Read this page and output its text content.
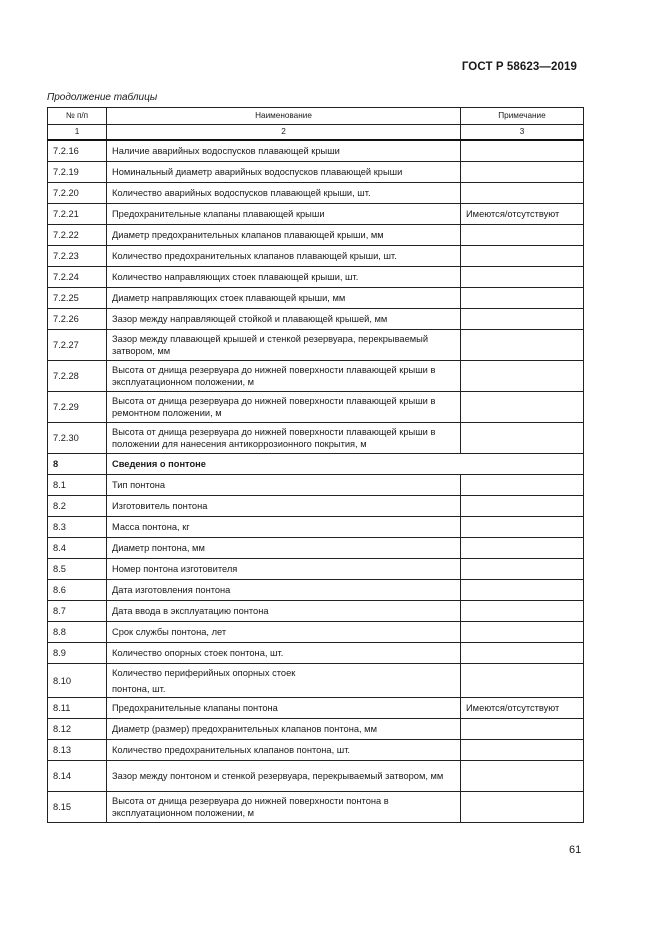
ГОСТ Р 58623—2019
Продолжение таблицы
№ п/п	Наименование	Примечание
1	2	3
7.2.16	Наличие аварийных водоспусков плавающей крыши	
7.2.19	Номинальный диаметр аварийных водоспусков плавающей крыши	
7.2.20	Количество аварийных водоспусков плавающей крыши, шт.	
7.2.21	Предохранительные клапаны плавающей крыши	Имеются/отсутствуют
7.2.22	Диаметр предохранительных клапанов плавающей крыши, мм	
7.2.23	Количество предохранительных клапанов плавающей крыши, шт.	
7.2.24	Количество направляющих стоек плавающей крыши, шт.	
7.2.25	Диаметр направляющих стоек плавающей крыши, мм	
7.2.26	Зазор между направляющей стойкой и плавающей крышей, мм	
7.2.27	Зазор между плавающей крышей и стенкой резервуара, перекрываемый затвором, мм	
7.2.28	Высота от днища резервуара до нижней поверхности плавающей крыши в эксплуатационном положении, м	
7.2.29	Высота от днища резервуара до нижней поверхности плавающей крыши в ремонтном положении, м	
7.2.30	Высота от днища резервуара до нижней поверхности плавающей крыши в положении для нанесения антикоррозионного покрытия, м	
8	Сведения о понтоне	
8.1	Тип понтона	
8.2	Изготовитель понтона	
8.3	Масса понтона, кг	
8.4	Диаметр понтона, мм	
8.5	Номер понтона изготовителя	
8.6	Дата изготовления понтона	
8.7	Дата ввода в эксплуатацию понтона	
8.8	Срок службы понтона, лет	
8.9	Количество опорных стоек понтона, шт.	
8.10	Количество периферийных опорных стоек
понтона, шт.	

8.11	Предохранительные клапаны понтона	Имеются/отсутствуют
8.12	Диаметр (размер) предохранительных клапанов понтона, мм	
8.13	Количество предохранительных клапанов понтона, шт.	
8.14	Зазор между понтоном и стенкой резервуара, перекрываемый затвором, мм	
8.15	Высота от днища резервуара до нижней поверхности понтона в эксплуатационном положении, м	
61
